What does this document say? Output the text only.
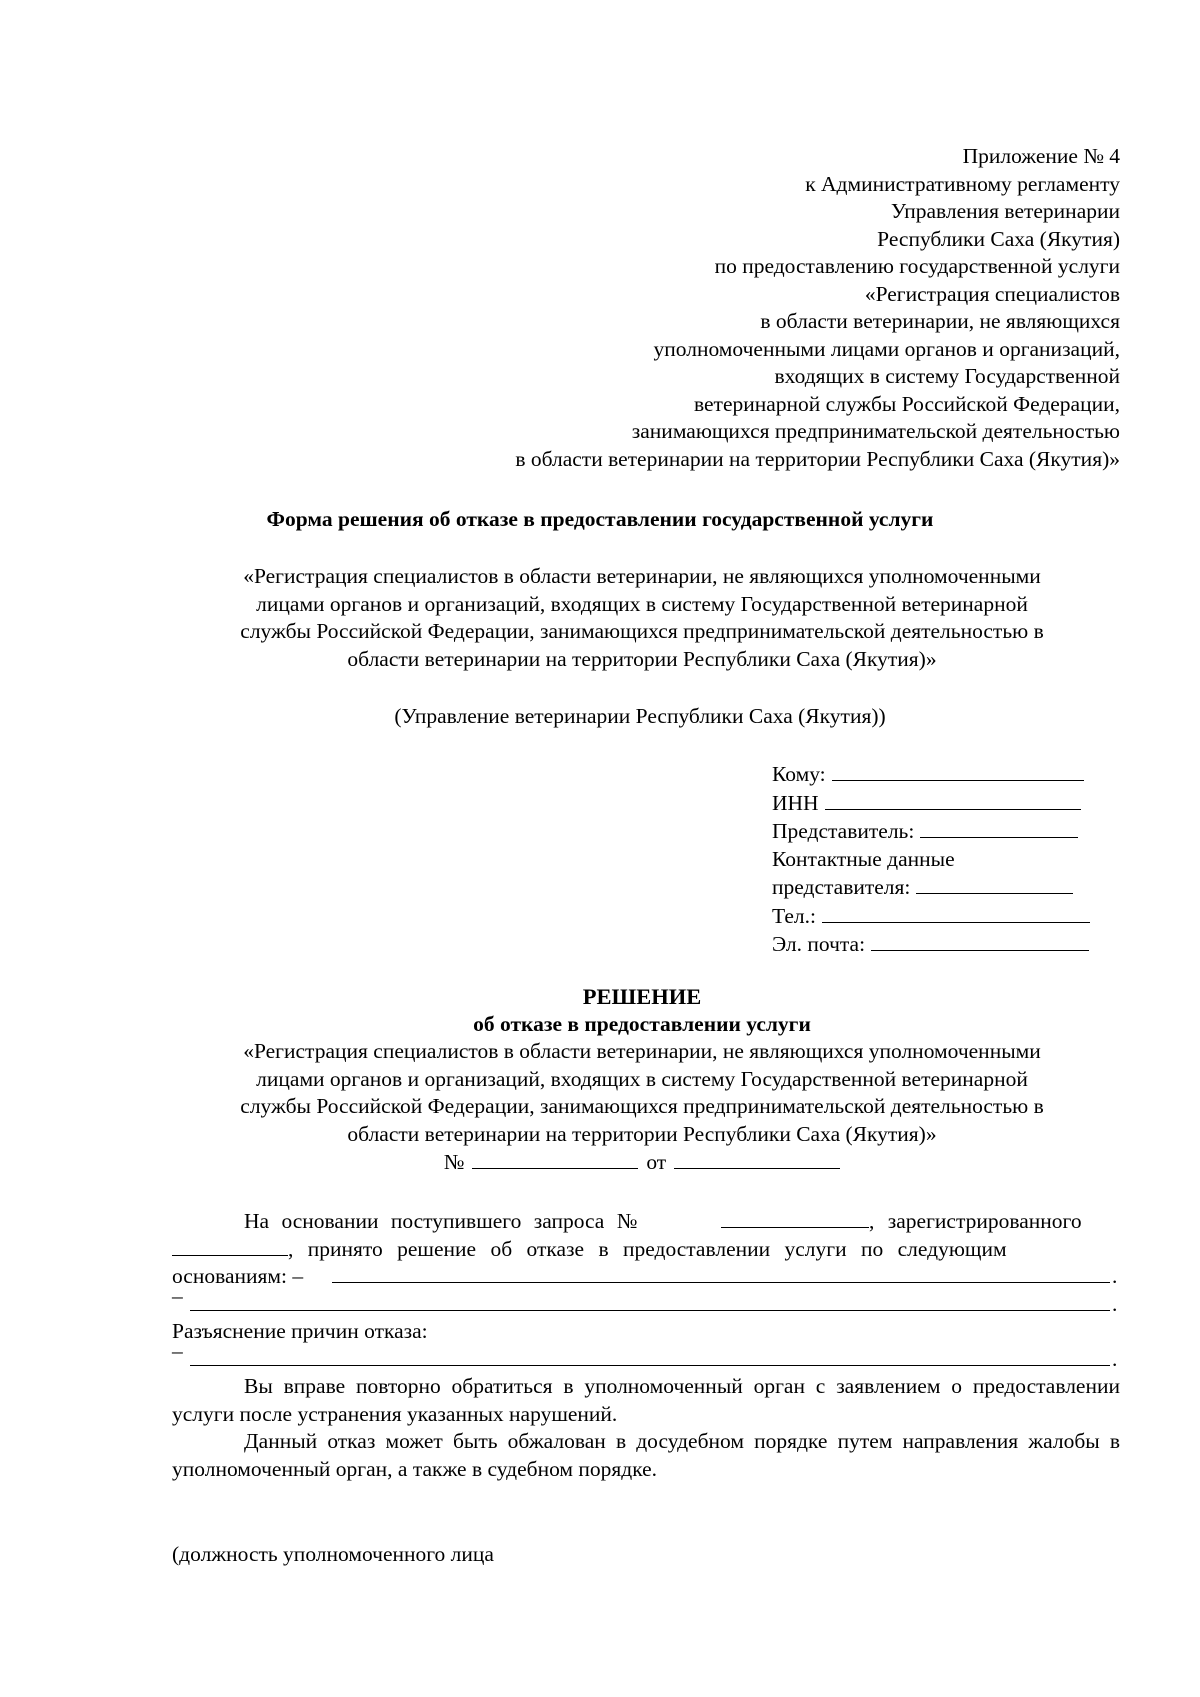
Приложение № 4
к Административному регламенту
Управления ветеринарии
Республики Саха (Якутия)
по предоставлению государственной услуги
«Регистрация специалистов
в области ветеринарии, не являющихся
уполномоченными лицами органов и организаций,
входящих в систему Государственной
ветеринарной службы Российской Федерации,
занимающихся предпринимательской деятельностью
в области ветеринарии на территории Республики Саха (Якутия)»
Форма решения об отказе в предоставлении государственной услуги
«Регистрация специалистов в области ветеринарии, не являющихся уполномоченными
лицами органов и организаций, входящих в систему Государственной ветеринарной
службы Российской Федерации, занимающихся предпринимательской деятельностью в
области ветеринарии на территории Республики Саха (Якутия)»
(Управление ветеринарии Республики Саха (Якутия))
Кому:
ИНН
Представитель:
Контактные данные
представителя:
Тел.:
Эл. почта:
РЕШЕНИЕ
об отказе в предоставлении услуги
«Регистрация специалистов в области ветеринарии, не являющихся уполномоченными
лицами органов и организаций, входящих в систему Государственной ветеринарной
службы Российской Федерации, занимающихся предпринимательской деятельностью в
области ветеринарии на территории Республики Саха (Якутия)»
№	от
На основании поступившего запроса №	, зарегистрированного
, принято решение об отказе в предоставлении услуги по следующим
основаниям: –	.
–	.
Разъяснение причин отказа:
–	.
Вы вправе повторно обратиться в уполномоченный орган с заявлением о предоставлении услуги после устранения указанных нарушений.
Данный отказ может быть обжалован в досудебном порядке путем направления жалобы в уполномоченный орган, а также в судебном порядке.
(должность уполномоченного лица
